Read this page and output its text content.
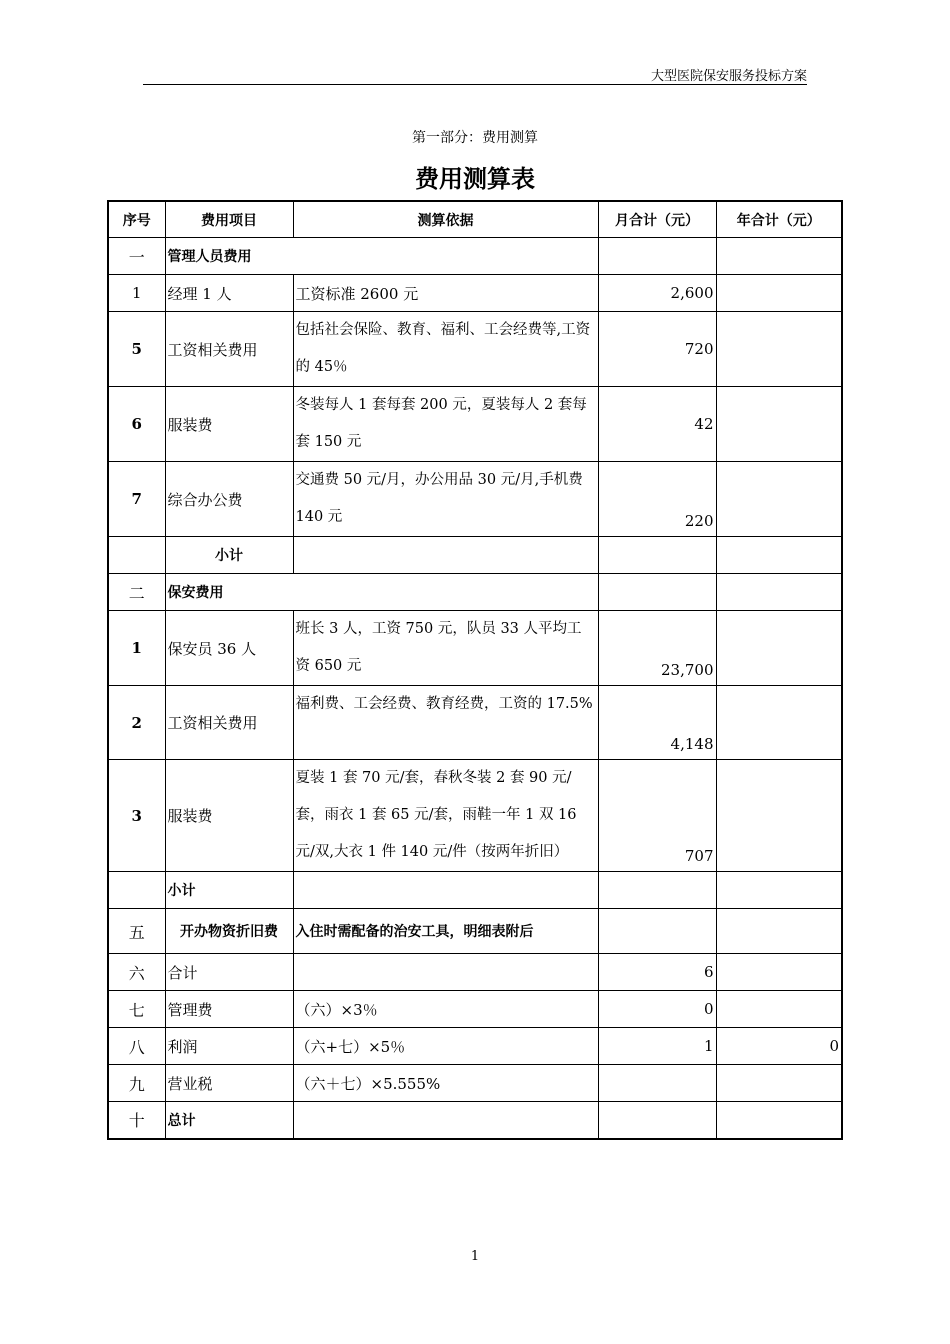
大型医院保安服务投标方案
第一部分：费用测算
费用测算表
序号	费用项目	测算依据	月合计（元）	年合计（元）
一	管理人员费用			
1	经理 1 人	工资标准 2600 元	2,600	
5	工资相关费用	包括社会保险、教育、福利、工会经费等,工资的 45％	720	
6	服装费	冬装每人 1 套每套 200 元，夏装每人 2 套每套 150 元	42	
7	综合办公费	交通费 50 元/月，办公用品 30 元/月,手机费 140 元	220	
	小计			
二	保安费用			
1	保安员 36 人	班长 3 人，工资 750 元，队员 33 人平均工资 650 元	23,700	
2	工资相关费用	福利费、工会经费、教育经费，工资的 17.5%	4,148	
3	服装费	夏装 1 套 70 元/套，春秋冬装 2 套 90 元/套，雨衣 1 套 65 元/套，雨鞋一年 1 双 16 元/双,大衣 1 件 140 元/件（按两年折旧）	707	
	小计			
五	开办物资折旧费	入住时需配备的治安工具，明细表附后		
六	合计		6	
七	管理费	（六）×3％	0	
八	利润	（六+七）×5％	1	0
九	营业税	（六＋七）×5.555%		
十	总计			
1
